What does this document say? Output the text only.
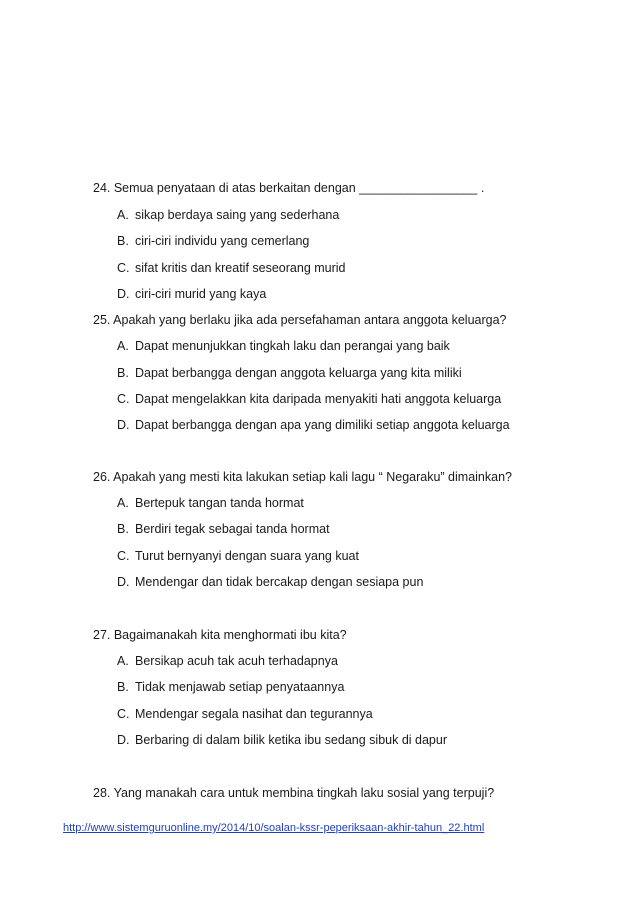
24. Semua penyataan di atas berkaitan dengan _________________ .
A. sikap berdaya saing yang sederhana
B. ciri-ciri individu yang cemerlang
C. sifat kritis dan kreatif seseorang murid
D. ciri-ciri murid yang kaya
25. Apakah yang berlaku jika ada persefahaman antara anggota keluarga?
A. Dapat menunjukkan tingkah laku dan perangai yang baik
B. Dapat berbangga dengan anggota keluarga yang kita miliki
C. Dapat mengelakkan kita daripada menyakiti hati anggota keluarga
D. Dapat berbangga dengan apa yang dimiliki setiap anggota keluarga
26. Apakah yang mesti kita lakukan setiap kali lagu “ Negaraku” dimainkan?
A. Bertepuk tangan tanda hormat
B. Berdiri tegak sebagai tanda hormat
C. Turut bernyanyi dengan suara yang kuat
D. Mendengar dan tidak bercakap dengan sesiapa pun
27. Bagaimanakah kita menghormati ibu kita?
A. Bersikap acuh tak acuh terhadapnya
B. Tidak menjawab setiap penyataannya
C. Mendengar segala nasihat dan tegurannya
D. Berbaring di dalam bilik ketika ibu sedang sibuk di dapur
28. Yang manakah cara untuk membina tingkah laku sosial yang terpuji?
http://www.sistemguruonline.my/2014/10/soalan-kssr-peperiksaan-akhir-tahun_22.html
